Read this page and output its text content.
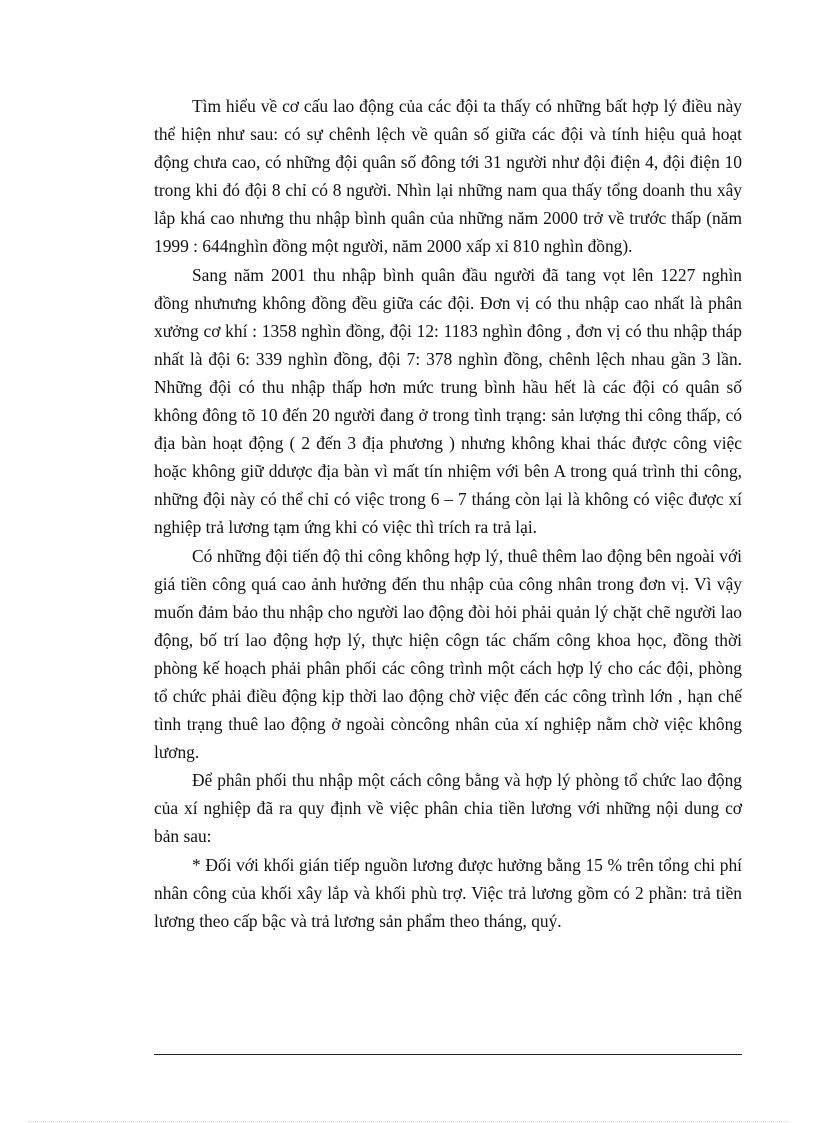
Tìm hiểu về cơ cấu lao động của các đội ta thấy có những bất hợp lý điều này thể hiện như sau: có sự chênh lệch về quân số giữa các đội và tính hiệu quả hoạt động chưa cao, có những đội quân số đông tới 31 người như đội điện 4, đội điện 10 trong khi đó đội 8 chỉ có 8 người. Nhìn lại những nam qua thấy tổng doanh thu xây lắp khá cao nhưng thu nhập bình quân của những năm 2000 trở về trước thấp (năm 1999 : 644nghìn đồng một người, năm 2000 xấp xỉ 810 nghìn đồng).

Sang năm 2001 thu nhập bình quân đầu người đã tang vọt lên 1227 nghìn đồng nhưnưng không đồng đều giữa các đội. Đơn vị có thu nhập cao nhất là phân xưởng cơ khí : 1358 nghìn đồng, đội 12: 1183 nghìn đông , đơn vị có thu nhập tháp nhất là đội 6: 339 nghìn đồng, đội 7: 378 nghìn đồng, chênh lệch nhau gần 3 lần. Những đội có thu nhập thấp hơn mức trung bình hầu hết là các đội có quân số không đông tõ 10 đến 20 người đang ở trong tình trạng: sản lượng thi công thấp, có địa bàn hoạt động ( 2 đến 3 địa phương ) nhưng không khai thác được công việc hoặc không giữ ddược địa bàn vì mất tín nhiệm với bên A trong quá trình thi công, những đội này có thể chỉ có việc trong 6 – 7 tháng còn lại là không có việc được xí nghiệp trả lương tạm ứng khi có việc thì trích ra trả lại.

Có những đội tiến độ thi công không hợp lý, thuê thêm lao động bên ngoài với giá tiền công quá cao ảnh hưởng đến thu nhập của công nhân trong đơn vị. Vì vậy muốn đảm bảo thu nhập cho người lao động đòi hỏi phải quản lý chặt chẽ người lao động, bố trí lao động hợp lý, thực hiện côgn tác chấm công khoa học, đồng thời phòng kế hoạch phải phân phối các công trình một cách hợp lý cho các đội, phòng tổ chức phải điều động kịp thời lao động chờ việc đến các công trình lớn , hạn chế tình trạng thuê lao động ở ngoài còncông nhân của xí nghiệp nằm chờ việc không lương.

Để phân phối thu nhập một cách công bằng và hợp lý phòng tổ chức lao động của xí nghiệp đã ra quy định về việc phân chia tiền lương với những nội dung cơ bản sau:

* Đối với khối gián tiếp nguồn lương được hưởng bằng 15 % trên tổng chi phí nhân công của khối xây lắp và khối phù trợ. Việc trả lương gồm có 2 phần: trả tiền lương theo cấp bậc và trả lương sản phẩm theo tháng, quý.
